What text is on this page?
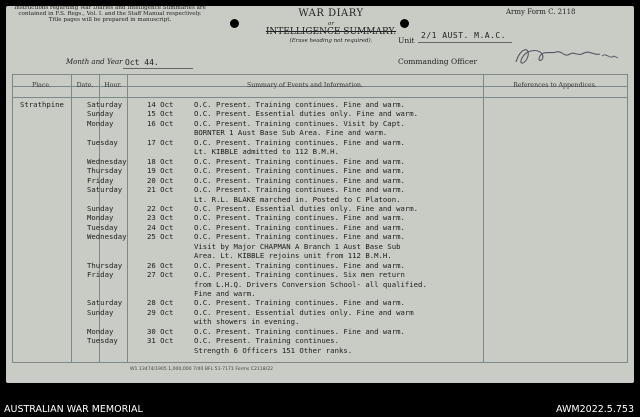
Instructions regarding War Diaries and Intelligence Summaries are contained in F.S. Regs., Vol. I. and the Staff Manual respectively. Title pages will be prepared in manuscript.
WAR DIARY
or
INTELLIGENCE SUMMARY.
(Erase heading not required).
Army Form C. 2118
Unit
2/1 AUST. M.A.C.
Month and Year Oct 44.	Commanding Officer
Place.	Date.	Hour.	Summary of Events and Information.	References to Appendices.
Strathpine	Saturday	14 Oct	O.C. Present. Training continues. Fine and warm.
Sunday	15 Oct	O.C. Present. Essential duties only. Fine and warm.
Monday	16 Oct	O.C. Present. Training continues. Visit by Capt.
BORNTER 1 Aust Base Sub Area. Fine and warm.
Tuesday	17 Oct	O.C. Present. Training continues. Fine and warm.
Lt. KIBBLE admitted to 112 B.M.H.
Wednesday	18 Oct	O.C. Present. Training continues. Fine and warm.
Thursday	19 Oct	O.C. Present. Training continues. Fine and warm.
Friday	20 Oct	O.C. Present. Training continues. Fine and warm.
Saturday	21 Oct	O.C. Present. Training continues. Fine and warm.
Lt. R.L. BLAKE marched in. Posted to C Platoon.
Sunday	22 Oct	O.C. Present. Essential duties only. Fine and warm.
Monday	23 Oct	O.C. Present. Training continues. Fine and warm.
Tuesday	24 Oct	O.C. Present. Training continues. Fine and warm.
Wednesday	25 Oct	O.C. Present. Training continues. Fine and warm.
Visit by Major CHAPMAN A Branch 1 Aust Base Sub
Area. Lt. KIBBLE rejoins unit from 112 B.M.H.
Thursday	26 Oct	O.C. Present. Training continues. Fine and warm.
Friday	27 Oct	O.C. Present. Training continues. Six men return
from L.H.Q. Drivers Conversion School- all qualified.
Fine and warm.
Saturday	28 Oct	O.C. Present. Training continues. Fine and warm.
Sunday	29 Oct	O.C. Present. Essential duties only. Fine and warm
with showers in evening.
Monday	30 Oct	O.C. Present. Training continues. Fine and warm.
Tuesday	31 Oct	O.C. Present. Training continues.
Strength 6 Officers 151 Other ranks.
W1 13474/1905 1,000,000 7/40 BFL 51-7171 Forms C2118/22
AUSTRALIAN WAR MEMORIAL	AWM2022.5.753
